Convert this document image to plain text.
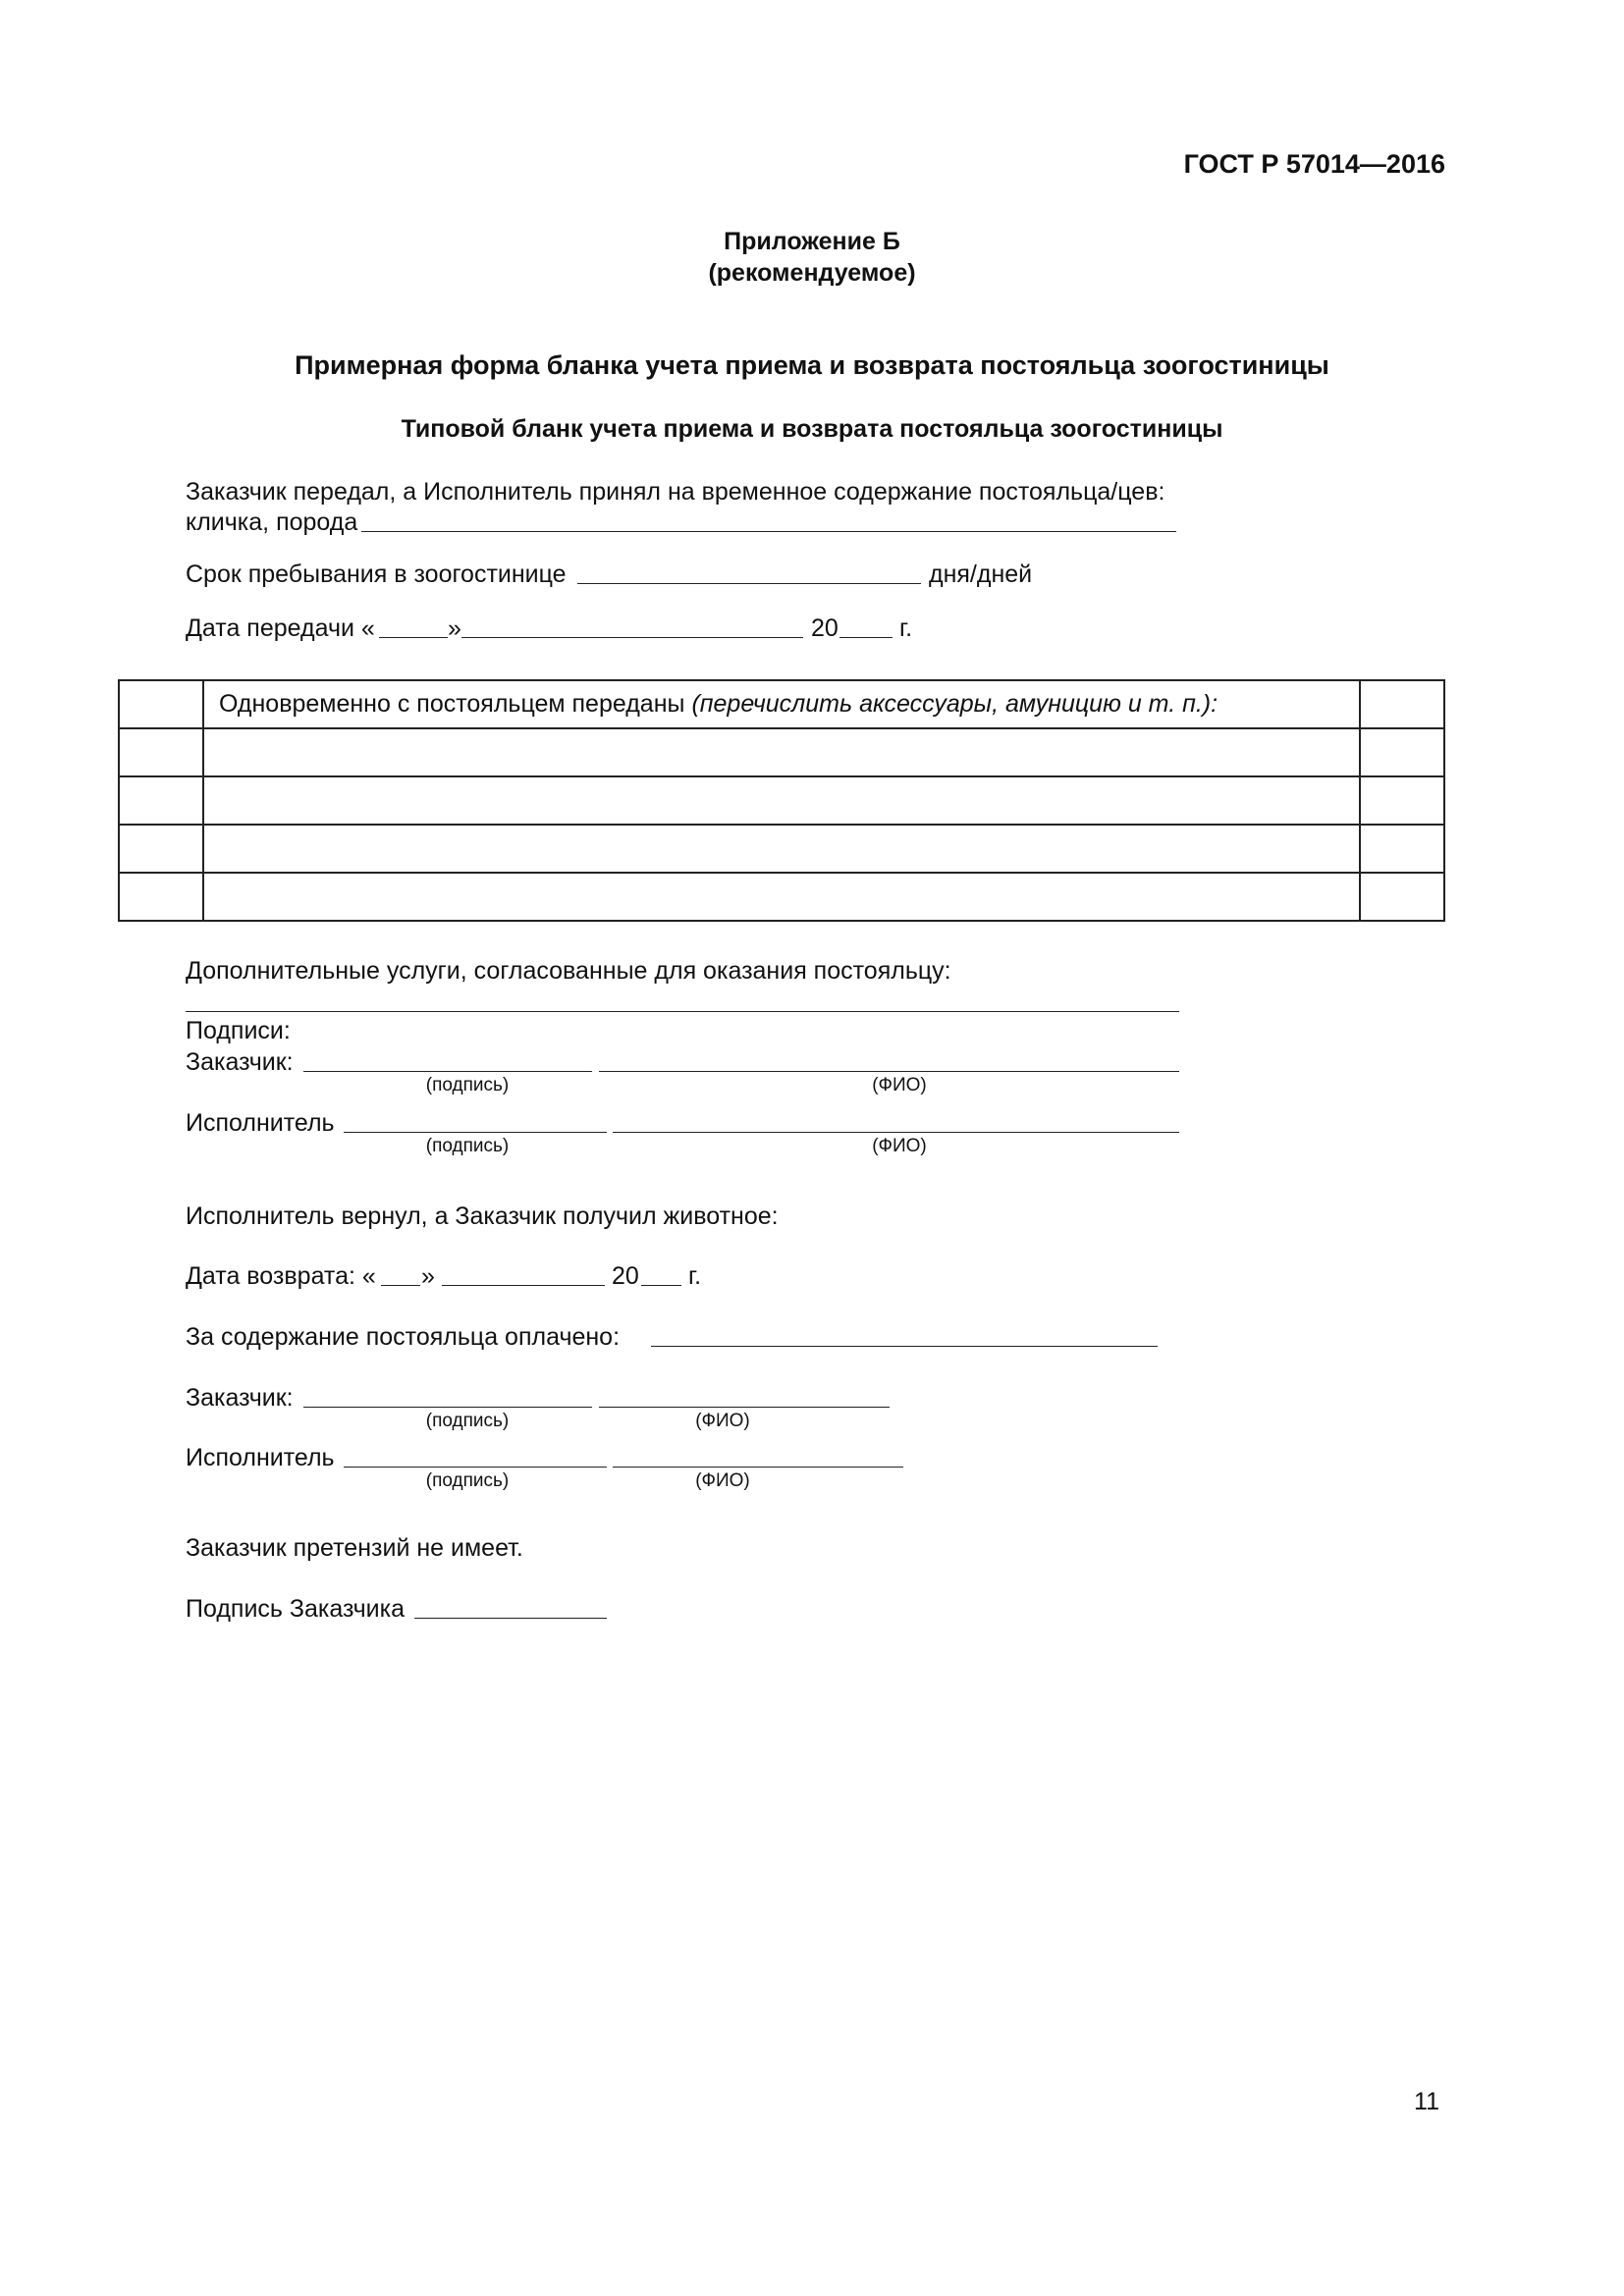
ГОСТ Р 57014—2016
Приложение Б
(рекомендуемое)
Примерная форма бланка учета приема и возврата постояльца зоогостиницы
Типовой бланк учета приема и возврата постояльца зоогостиницы
Заказчик передал, а Исполнитель принял на временное содержание постояльца/цев:
кличка, порода
Срок пребывания в зоогостинице	дня/дней
Дата передачи «	»	20 г.
	Одновременно с постояльцем переданы (перечислить аксессуары, амуницию и т. п.):	

Дополнительные услуги, согласованные для оказания постояльцу:
Подписи:
Заказчик:
(подпись)	(ФИО)
Исполнитель
(подпись)	(ФИО)
Исполнитель вернул, а Заказчик получил животное:
Дата возврата: « »	20 г.
За содержание постояльца оплачено:
Заказчик:
(подпись)	(ФИО)
Исполнитель
(подпись)	(ФИО)
Заказчик претензий не имеет.
Подпись Заказчика
11
